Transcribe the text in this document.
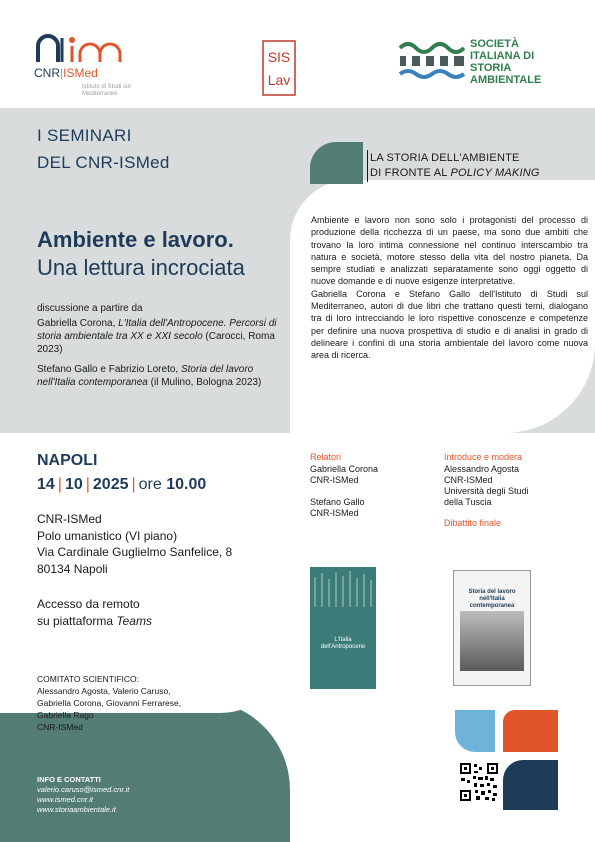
CNR|ISMed
Istituto di Studi sul Mediterraneo
SIS
Lav
SOCIETÀ
ITALIANA DI
STORIA
AMBIENTALE
I SEMINARI
DEL CNR-ISMed	LA STORIA DELL'AMBIENTE
DI FRONTE AL POLICY MAKING
Ambiente e lavoro.
Una lettura incrociata

discussione a partire da

Gabriella Corona, L'Italia dell'Antropocene. Percorsi di storia ambientale tra XX e XXI secolo (Carocci, Roma 2023)

Stefano Gallo e Fabrizio Loreto, Storia del lavoro nell'Italia contemporanea (il Mulino, Bologna 2023)

Ambiente e lavoro non sono solo i protagonisti del processo di produzione della ricchezza di un paese, ma sono due ambiti che trovano la loro intima connessione nel continuo interscambio tra natura e società, motore stesso della vita del nostro pianeta. Da sempre studiati e analizzati separatamente sono oggi oggetto di nuove domande e di nuove esigenze interpretative.

Gabriella Corona e Stefano Gallo dell'Istituto di Studi sul Mediterraneo, autori di due libri che trattano questi temi, dialogano tra di loro intrecciando le loro rispettive conoscenze e competenze per definire una nuova prospettiva di studio e di analisi in grado di delineare i confini di una storia ambientale del lavoro come nuova area di ricerca.

NAPOLI
14 | 10 | 2025 | ore 10.00
CNR-ISMed
Polo umanistico (VI piano)
Via Cardinale Guglielmo Sanfelice, 8
80134 Napoli
Accesso da remoto
su piattaforma Teams
COMITATO SCIENTIFICO:
Alessandro Agosta, Valerio Caruso,
Gabriella Corona, Giovanni Ferrarese,
Gabriella Rago
CNR-ISMed
Relatori
Gabriella Corona
CNR-ISMed
Stefano Gallo
CNR-ISMed
Introduce e modera
Alessandro Agosta
CNR-ISMed
Università degli Studi
della Tuscia
Dibattito finale
L'Italia dell'Antropocene
Storia del lavoro nell'Italia contemporanea
INFO E CONTATTI
valerio.caruso@ismed.cnr.it
www.ismed.cnr.it
www.storiaambientale.it
